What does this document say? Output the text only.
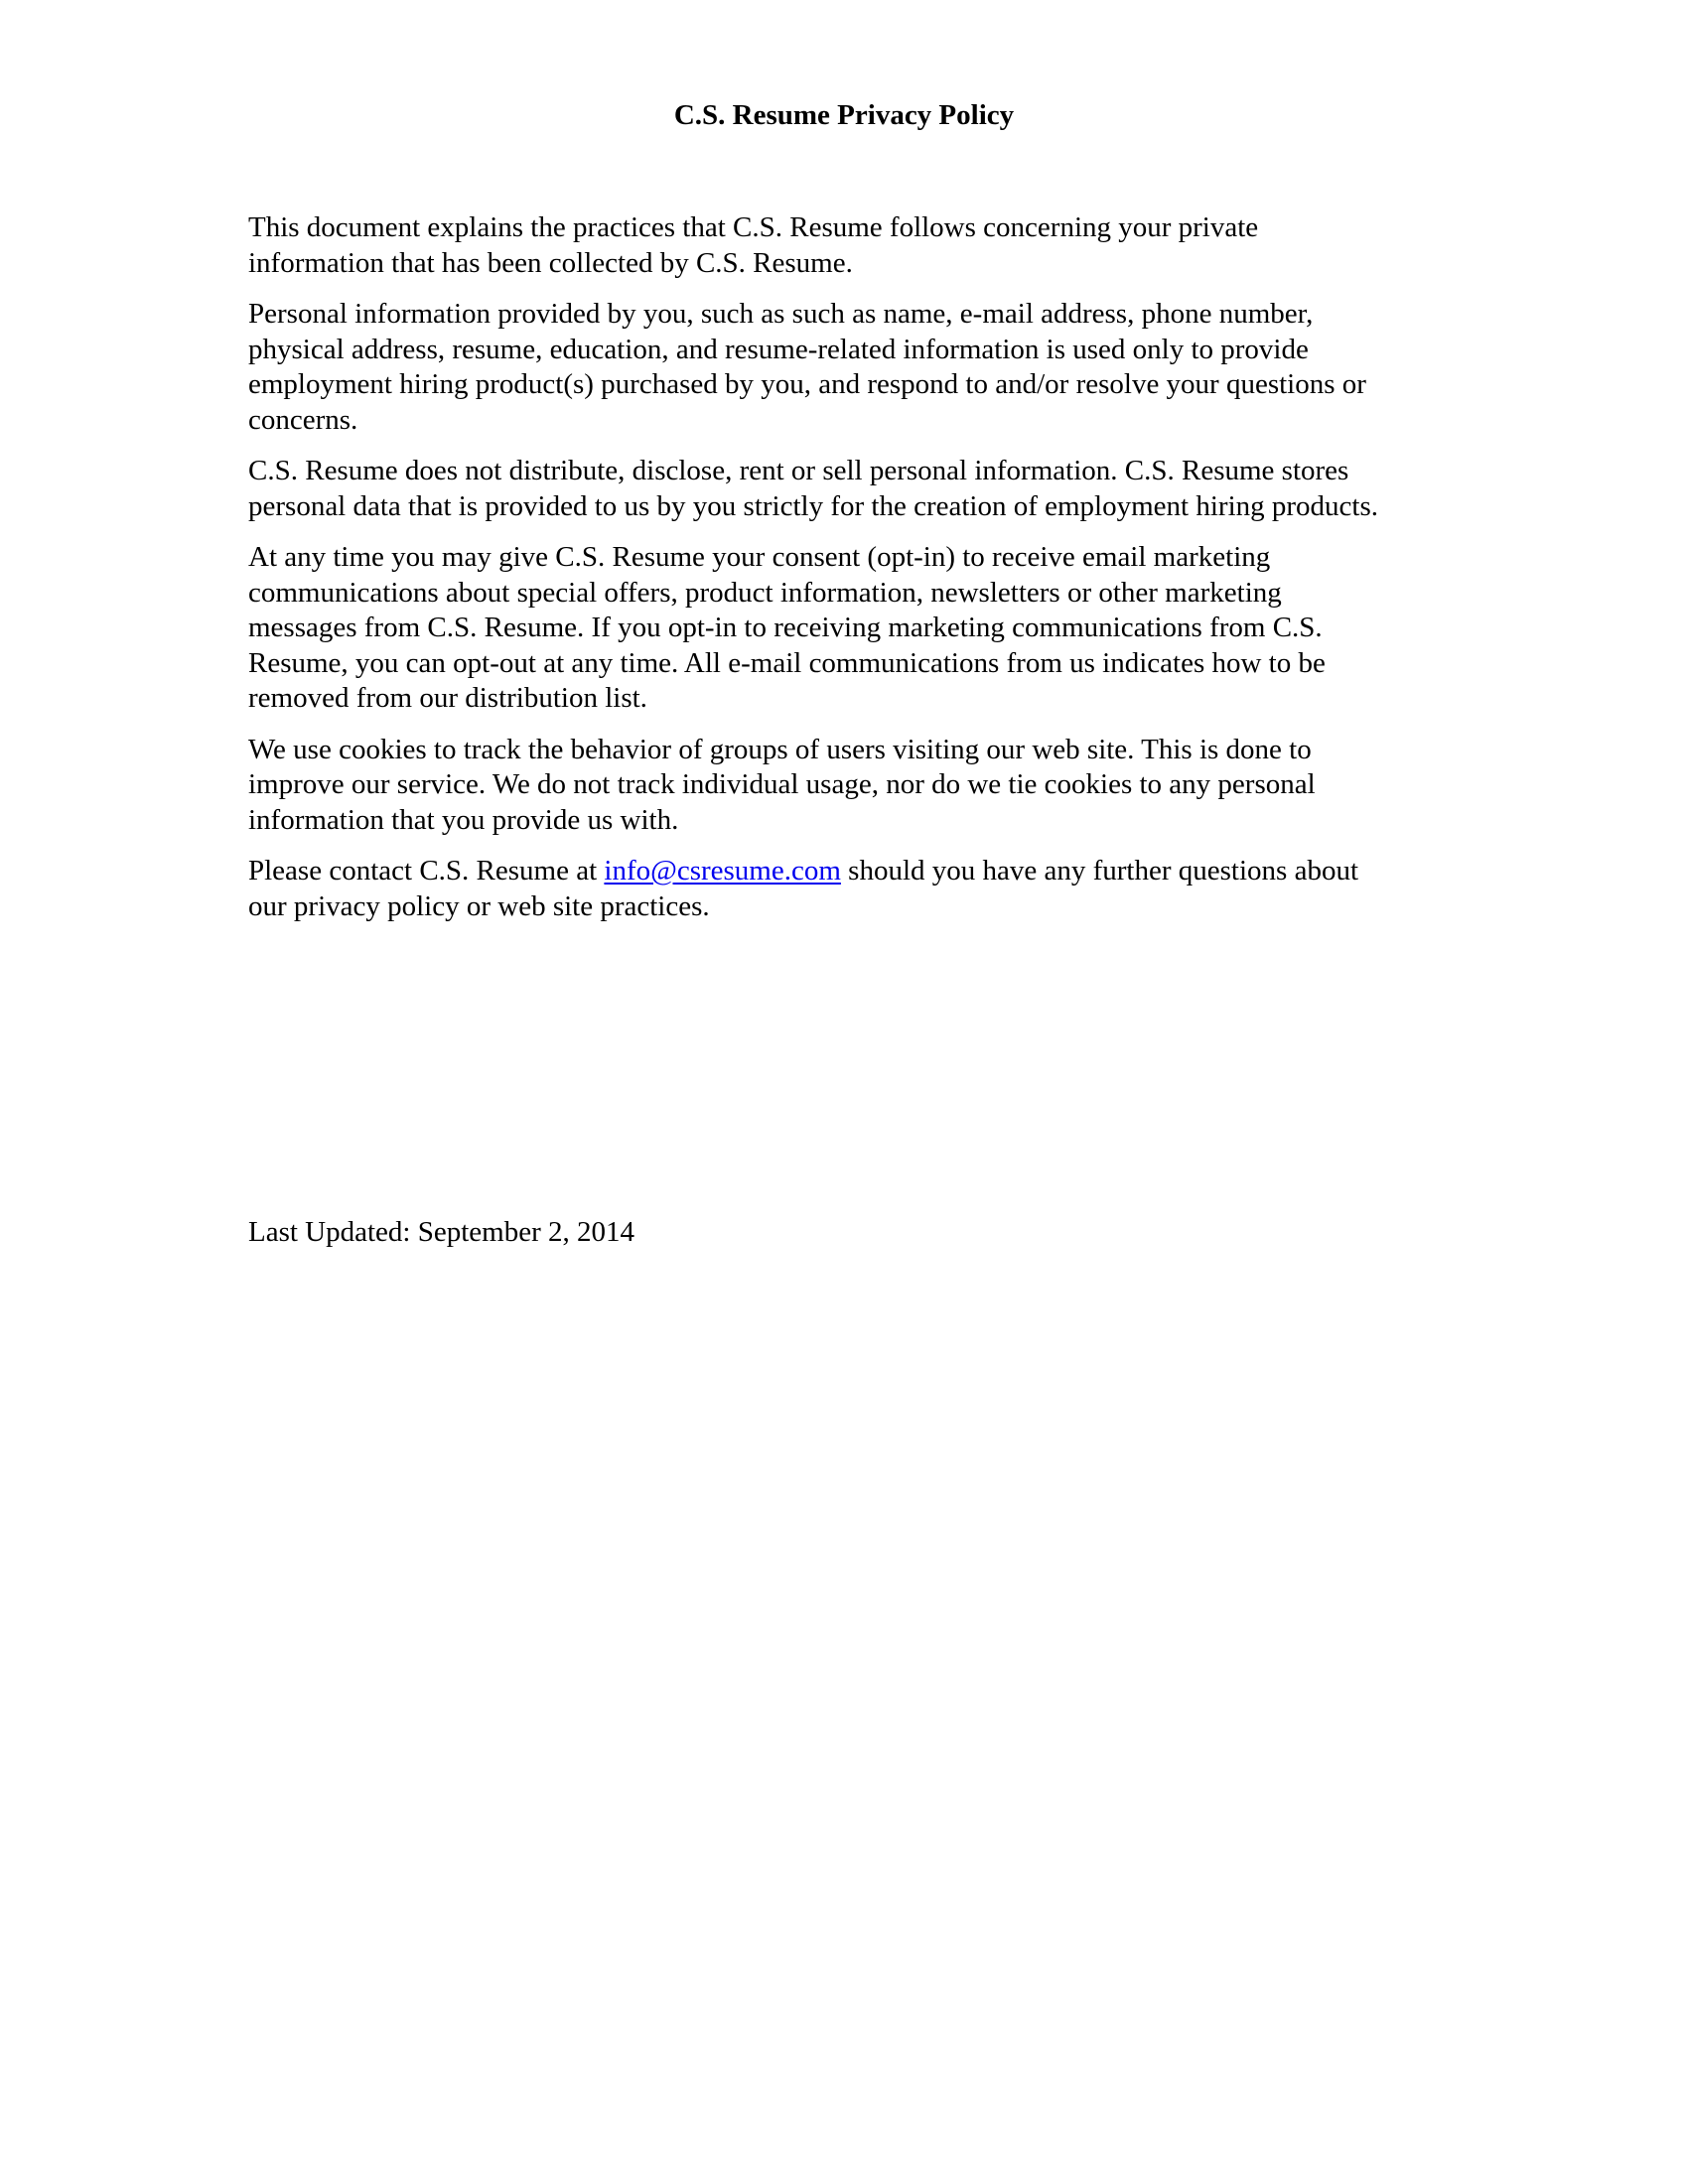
C.S. Resume Privacy Policy

This document explains the practices that C.S. Resume follows concerning your private
information that has been collected by C.S. Resume.

Personal information provided by you, such as such as name, e-mail address, phone number,
physical address, resume, education, and resume-related information is used only to provide
employment hiring product(s) purchased by you, and respond to and/or resolve your questions or
concerns.

C.S. Resume does not distribute, disclose, rent or sell personal information. C.S. Resume stores
personal data that is provided to us by you strictly for the creation of employment hiring products.

At any time you may give C.S. Resume your consent (opt-in) to receive email marketing
communications about special offers, product information, newsletters or other marketing
messages from C.S. Resume. If you opt-in to receiving marketing communications from C.S.
Resume, you can opt-out at any time. All e-mail communications from us indicates how to be
removed from our distribution list.

We use cookies to track the behavior of groups of users visiting our web site. This is done to
improve our service. We do not track individual usage, nor do we tie cookies to any personal
information that you provide us with.

Please contact C.S. Resume at info@csresume.com should you have any further questions about
our privacy policy or web site practices.

Last Updated: September 2, 2014
